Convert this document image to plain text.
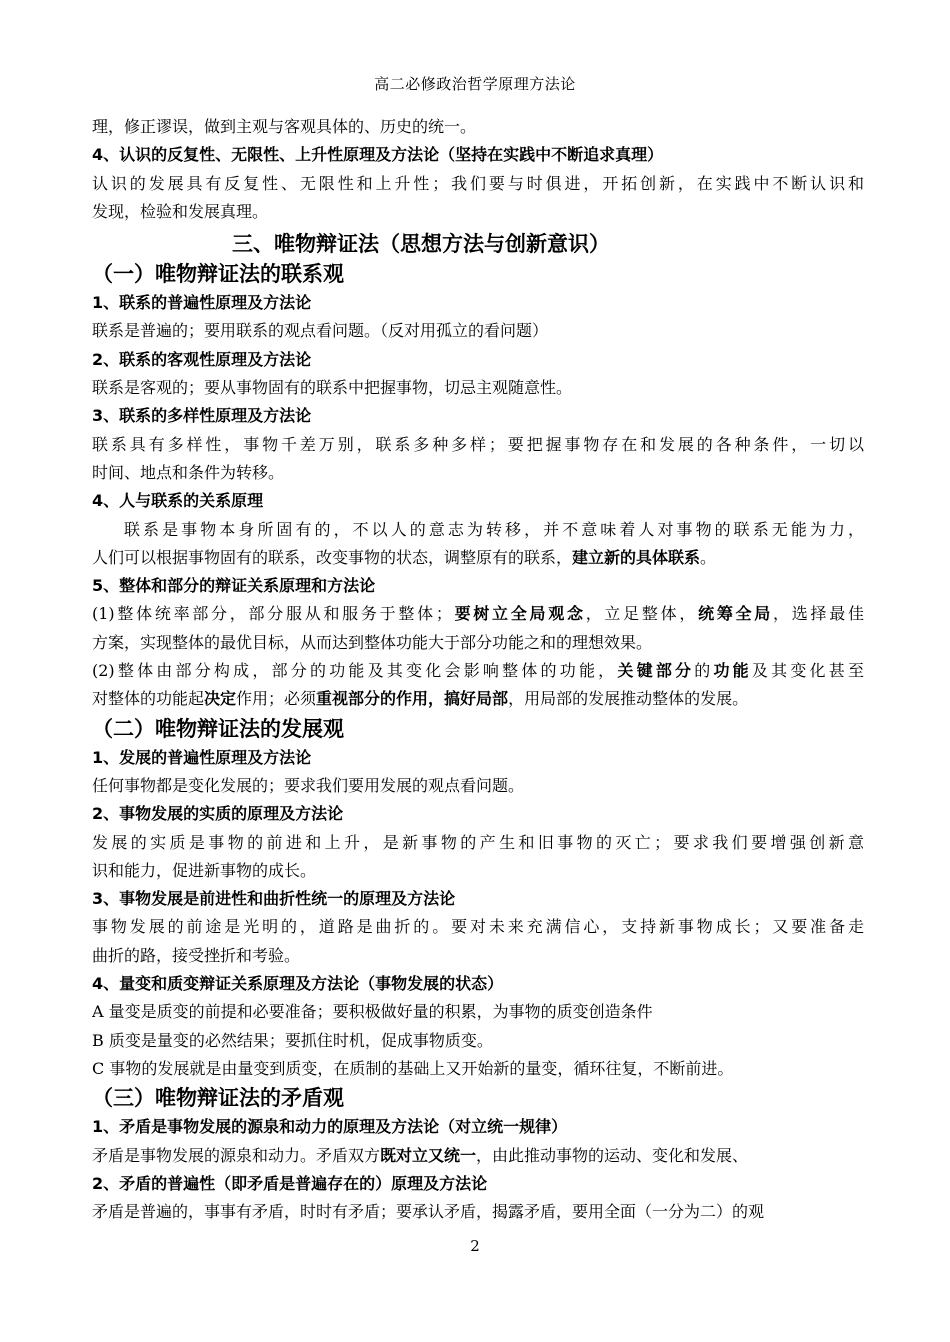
高二必修政治哲学原理方法论
理，修正谬误，做到主观与客观具体的、历史的统一。
4、认识的反复性、无限性、上升性原理及方法论（坚持在实践中不断追求真理）
认识的发展具有反复性、无限性和上升性；我们要与时俱进，开拓创新，在实践中不断认识和
发现，检验和发展真理。
三、唯物辩证法（思想方法与创新意识）
（一）唯物辩证法的联系观
1、联系的普遍性原理及方法论
联系是普遍的；要用联系的观点看问题。（反对用孤立的看问题）
2、联系的客观性原理及方法论
联系是客观的；要从事物固有的联系中把握事物，切忌主观随意性。
3、联系的多样性原理及方法论
联系具有多样性，事物千差万别，联系多种多样；要把握事物存在和发展的各种条件，一切以
时间、地点和条件为转移。
4、人与联系的关系原理
联系是事物本身所固有的，不以人的意志为转移，并不意味着人对事物的联系无能为力，
人们可以根据事物固有的联系，改变事物的状态，调整原有的联系，建立新的具体联系。
5、整体和部分的辩证关系原理和方法论
(1)整体统率部分，部分服从和服务于整体；要树立全局观念，立足整体，统筹全局，选择最佳
方案，实现整体的最优目标，从而达到整体功能大于部分功能之和的理想效果。
(2)整体由部分构成，部分的功能及其变化会影响整体的功能，关键部分的功能及其变化甚至
对整体的功能起决定作用；必须重视部分的作用，搞好局部，用局部的发展推动整体的发展。
（二）唯物辩证法的发展观
1、发展的普遍性原理及方法论
任何事物都是变化发展的；要求我们要用发展的观点看问题。
2、事物发展的实质的原理及方法论
发展的实质是事物的前进和上升，是新事物的产生和旧事物的灭亡；要求我们要增强创新意
识和能力，促进新事物的成长。
3、事物发展是前进性和曲折性统一的原理及方法论
事物发展的前途是光明的，道路是曲折的。要对未来充满信心，支持新事物成长；又要准备走
曲折的路，接受挫折和考验。
4、量变和质变辩证关系原理及方法论（事物发展的状态）
A 量变是质变的前提和必要准备；要积极做好量的积累，为事物的质变创造条件
B 质变是量变的必然结果；要抓住时机，促成事物质变。
C 事物的发展就是由量变到质变，在质制的基础上又开始新的量变，循环往复，不断前进。
（三）唯物辩证法的矛盾观
1、矛盾是事物发展的源泉和动力的原理及方法论（对立统一规律）
矛盾是事物发展的源泉和动力。矛盾双方既对立又统一，由此推动事物的运动、变化和发展、
2、矛盾的普遍性（即矛盾是普遍存在的）原理及方法论
矛盾是普遍的，事事有矛盾，时时有矛盾；要承认矛盾，揭露矛盾，要用全面（一分为二）的观
2
